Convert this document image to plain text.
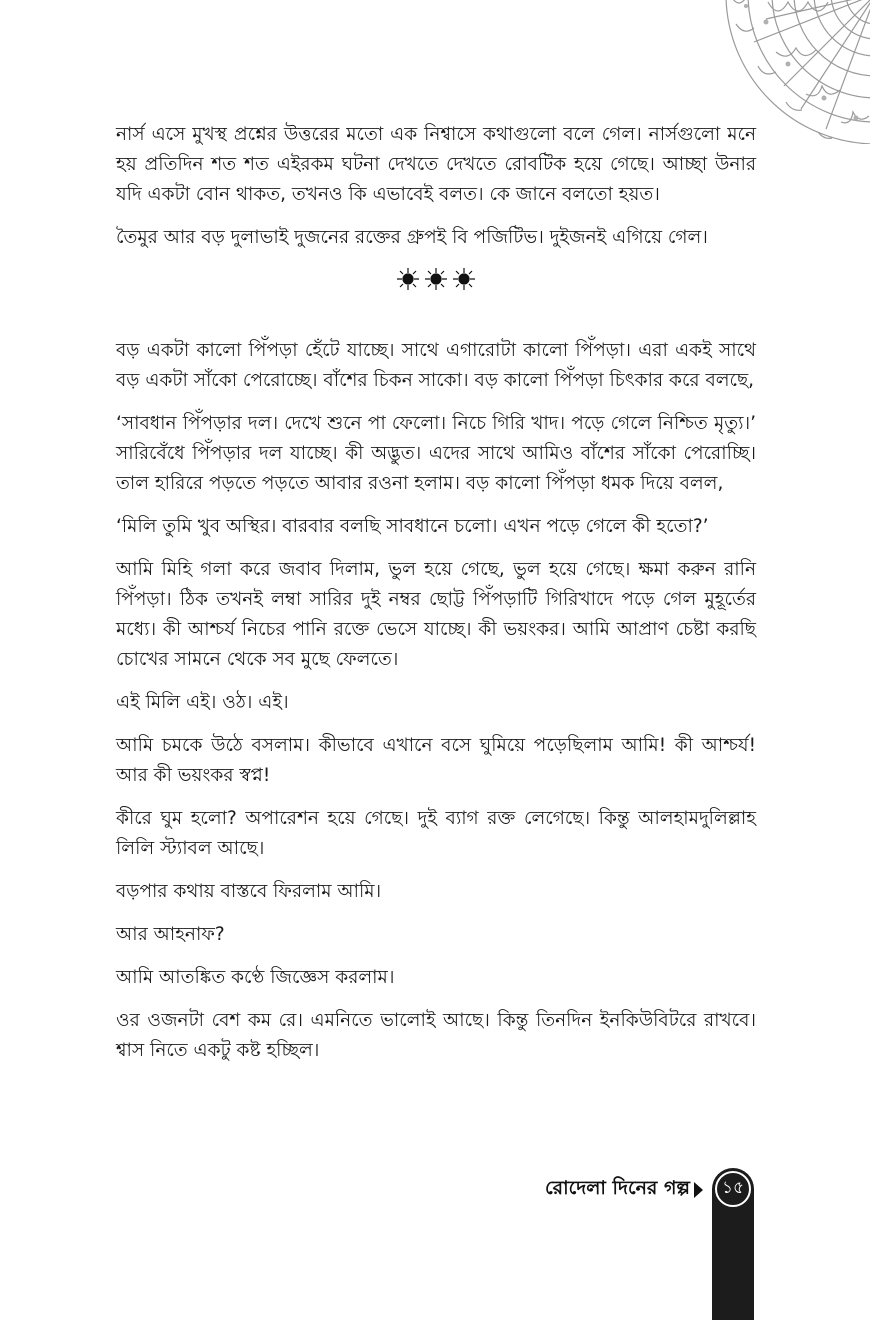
নার্স এসে মুখস্থ প্রশ্নের উত্তরের মতো এক নিশ্বাসে কথাগুলো বলে গেল। নার্সগুলো মনে হয় প্রতিদিন শত শত এইরকম ঘটনা দেখতে দেখতে রোবটিক হয়ে গেছে। আচ্ছা উনার যদি একটা বোন থাকত, তখনও কি এভাবেই বলত। কে জানে বলতো হয়ত।

তৈমুর আর বড় দুলাভাই দুজনের রক্তের গ্রুপই বি পজিটিভ। দুইজনই এগিয়ে গেল।

বড় একটা কালো পিঁপড়া হেঁটে যাচ্ছে। সাথে এগারোটা কালো পিঁপড়া। এরা একই সাথে বড় একটা সাঁকো পেরোচ্ছে। বাঁশের চিকন সাকো। বড় কালো পিঁপড়া চিৎকার করে বলছে,

‘সাবধান পিঁপড়ার দল। দেখে শুনে পা ফেলো। নিচে গিরি খাদ। পড়ে গেলে নিশ্চিত মৃত্যু।’ সারিবেঁধে পিঁপড়ার দল যাচ্ছে। কী অদ্ভুত। এদের সাথে আমিও বাঁশের সাঁকো পেরোচ্ছি। তাল হারিরে পড়তে পড়তে আবার রওনা হলাম। বড় কালো পিঁপড়া ধমক দিয়ে বলল,

‘মিলি তুমি খুব অস্থির। বারবার বলছি সাবধানে চলো। এখন পড়ে গেলে কী হতো?’

আমি মিহি গলা করে জবাব দিলাম, ভুল হয়ে গেছে, ভুল হয়ে গেছে। ক্ষমা করুন রানি পিঁপড়া। ঠিক তখনই লম্বা সারির দুই নম্বর ছোট্ট পিঁপড়াটি গিরিখাদে পড়ে গেল মুহূর্তের মধ্যে। কী আশ্চর্য নিচের পানি রক্তে ভেসে যাচ্ছে। কী ভয়ংকর। আমি আপ্রাণ চেষ্টা করছি চোখের সামনে থেকে সব মুছে ফেলতে।

এই মিলি এই। ওঠ। এই।

আমি চমকে উঠে বসলাম। কীভাবে এখানে বসে ঘুমিয়ে পড়েছিলাম আমি! কী আশ্চর্য! আর কী ভয়ংকর স্বপ্ন!

কীরে ঘুম হলো? অপারেশন হয়ে গেছে। দুই ব্যাগ রক্ত লেগেছে। কিন্তু আলহামদুলিল্লাহ লিলি স্ট্যাবল আছে।

বড়পার কথায় বাস্তবে ফিরলাম আমি।

আর আহনাফ?

আমি আতঙ্কিত কণ্ঠে জিজ্ঞেস করলাম।

ওর ওজনটা বেশ কম রে। এমনিতে ভালোই আছে। কিন্তু তিনদিন ইনকিউবিটরে রাখবে। শ্বাস নিতে একটু কষ্ট হচ্ছিল।

রোদেলা দিনের গল্প	১৫
